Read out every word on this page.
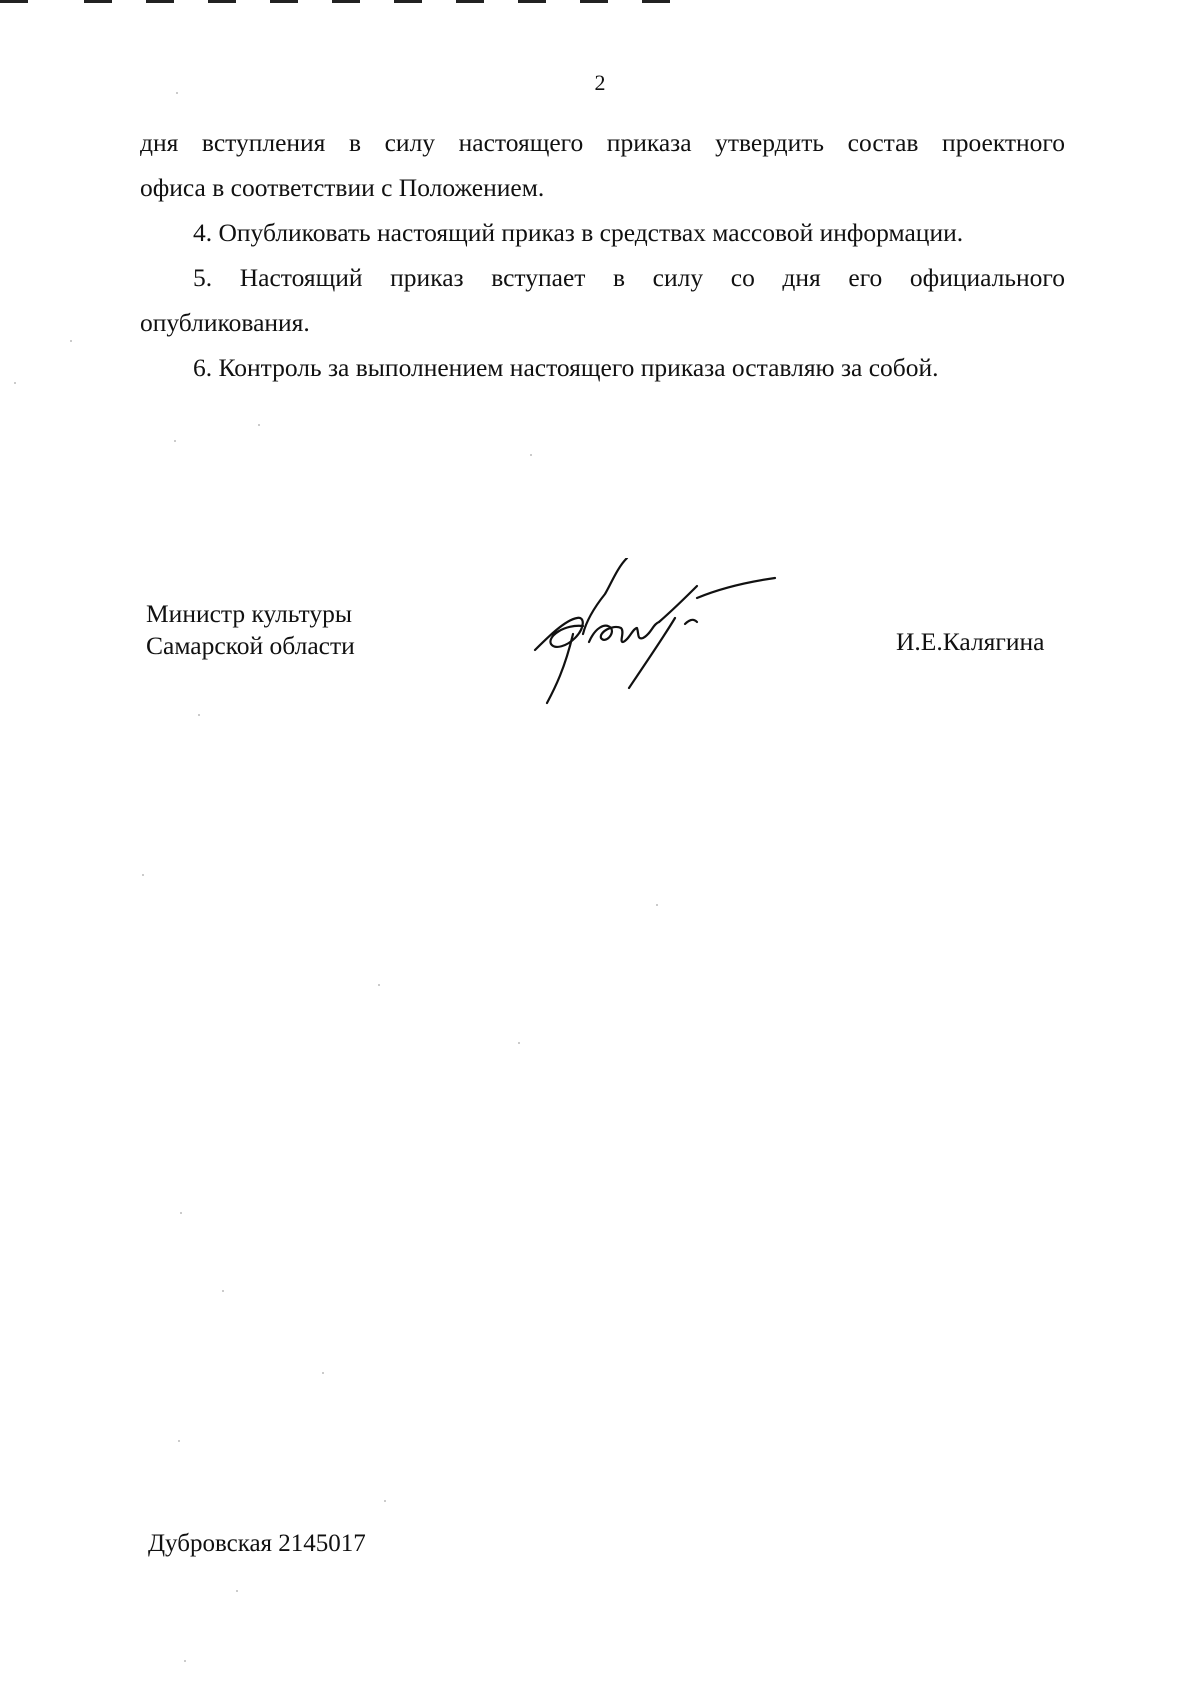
2

дня вступления в силу настоящего приказа утвердить состав проектного

офиса в соответствии с Положением.

4. Опубликовать настоящий приказ в средствах массовой информации.

5. Настоящий приказ вступает в силу со дня его официального

опубликования.

6. Контроль за выполнением настоящего приказа оставляю за собой.

Министр культуры
Самарской области	И.Е.Калягина
Дубровская 2145017
